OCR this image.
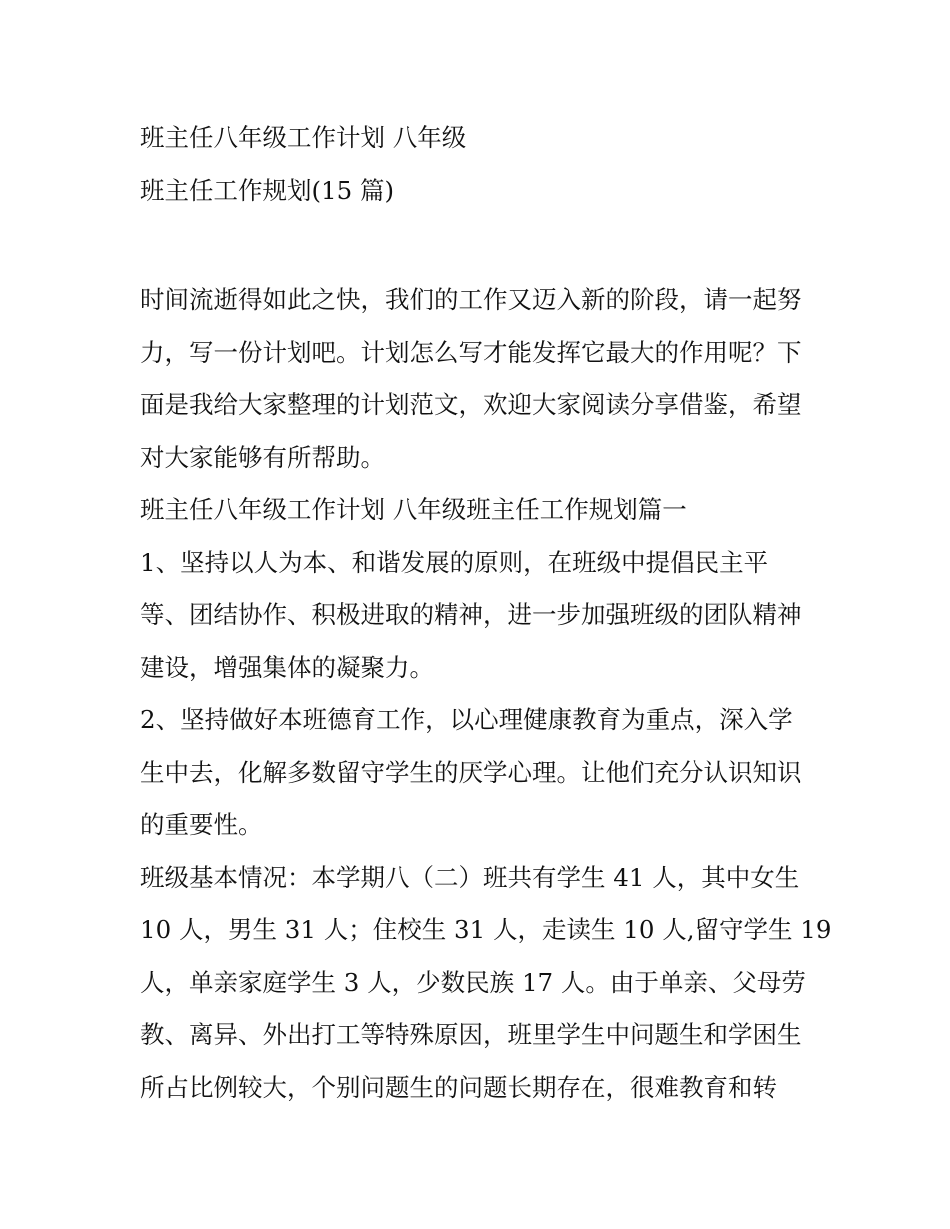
班主任八年级工作计划 八年级
班主任工作规划(15 篇)
时间流逝得如此之快，我们的工作又迈入新的阶段，请一起努
力，写一份计划吧。计划怎么写才能发挥它最大的作用呢？下
面是我给大家整理的计划范文，欢迎大家阅读分享借鉴，希望
对大家能够有所帮助。
班主任八年级工作计划 八年级班主任工作规划篇一
1、坚持以人为本、和谐发展的原则，在班级中提倡民主平
等、团结协作、积极进取的精神，进一步加强班级的团队精神
建设，增强集体的凝聚力。
2、坚持做好本班德育工作，以心理健康教育为重点，深入学
生中去，化解多数留守学生的厌学心理。让他们充分认识知识
的重要性。
班级基本情况：本学期八（二）班共有学生 41 人，其中女生
10 人，男生 31 人；住校生 31 人，走读生 10 人,留守学生 19
人，单亲家庭学生 3 人，少数民族 17 人。由于单亲、父母劳
教、离异、外出打工等特殊原因，班里学生中问题生和学困生
所占比例较大，个别问题生的问题长期存在，很难教育和转
